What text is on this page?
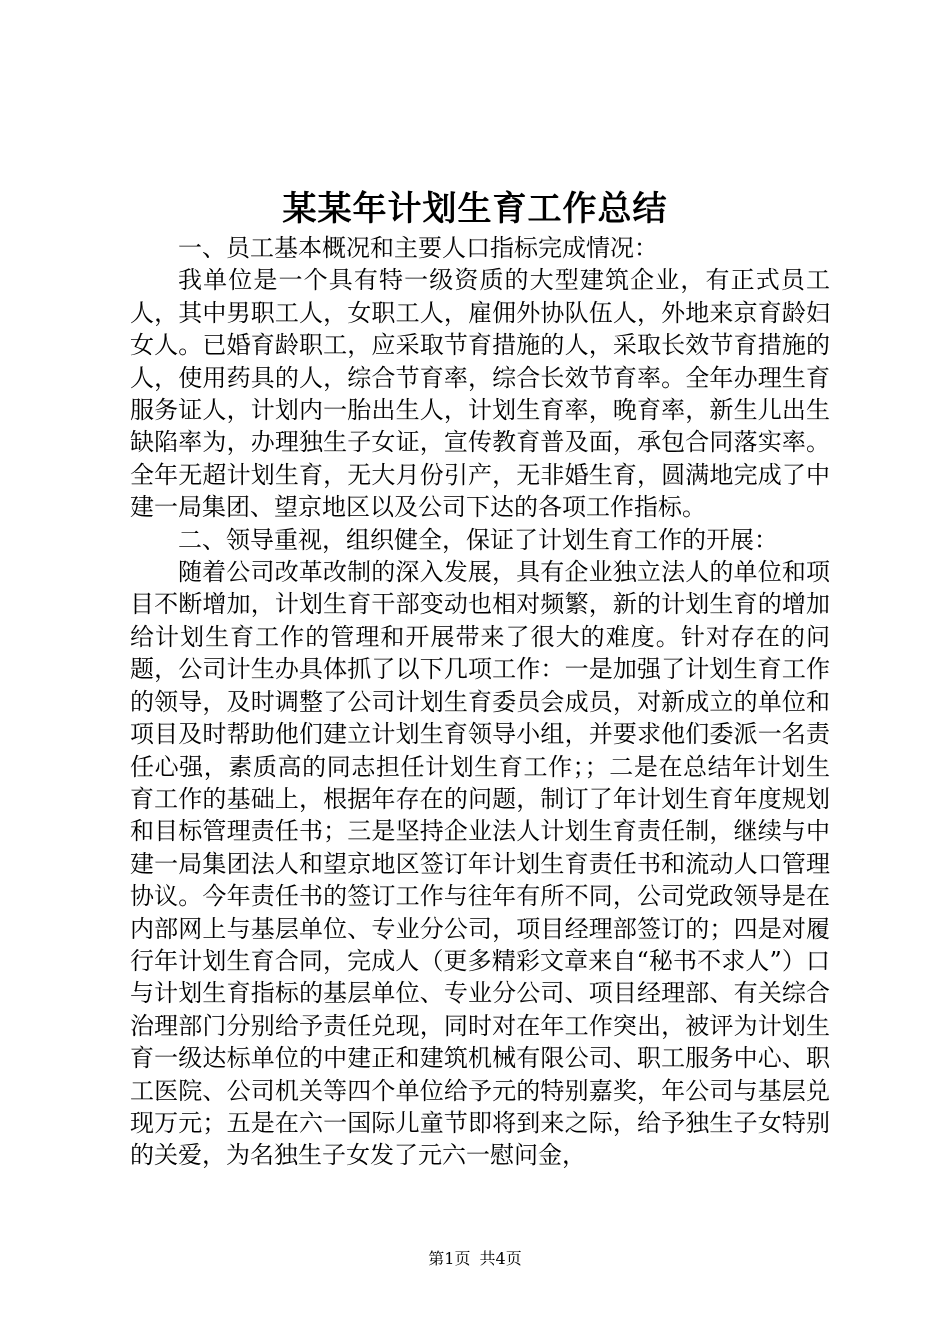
某某年计划生育工作总结

一、员工基本概况和主要人口指标完成情况：

我单位是一个具有特一级资质的大型建筑企业，有正式员工人，其中男职工人，女职工人，雇佣外协队伍人，外地来京育龄妇女人。已婚育龄职工，应采取节育措施的人，采取长效节育措施的人，使用药具的人，综合节育率，综合长效节育率。全年办理生育服务证人，计划内一胎出生人，计划生育率，晚育率，新生儿出生缺陷率为，办理独生子女证，宣传教育普及面，承包合同落实率。全年无超计划生育，无大月份引产，无非婚生育，圆满地完成了中建一局集团、望京地区以及公司下达的各项工作指标。

二、领导重视，组织健全，保证了计划生育工作的开展：

随着公司改革改制的深入发展，具有企业独立法人的单位和项目不断增加，计划生育干部变动也相对频繁，新的计划生育的增加给计划生育工作的管理和开展带来了很大的难度。针对存在的问题，公司计生办具体抓了以下几项工作：一是加强了计划生育工作的领导，及时调整了公司计划生育委员会成员，对新成立的单位和项目及时帮助他们建立计划生育领导小组，并要求他们委派一名责任心强，素质高的同志担任计划生育工作；；二是在总结年计划生育工作的基础上，根据年存在的问题，制订了年计划生育年度规划和目标管理责任书；三是坚持企业法人计划生育责任制，继续与中建一局集团法人和望京地区签订年计划生育责任书和流动人口管理协议。今年责任书的签订工作与往年有所不同，公司党政领导是在内部网上与基层单位、专业分公司，项目经理部签订的；四是对履行年计划生育合同，完成人（更多精彩文章来自“秘书不求人”）口与计划生育指标的基层单位、专业分公司、项目经理部、有关综合治理部门分别给予责任兑现，同时对在年工作突出，被评为计划生育一级达标单位的中建正和建筑机械有限公司、职工服务中心、职工医院、公司机关等四个单位给予元的特别嘉奖，年公司与基层兑现万元；五是在六一国际儿童节即将到来之际，给予独生子女特别的关爱，为名独生子女发了元六一慰问金，

第1页 共4页
